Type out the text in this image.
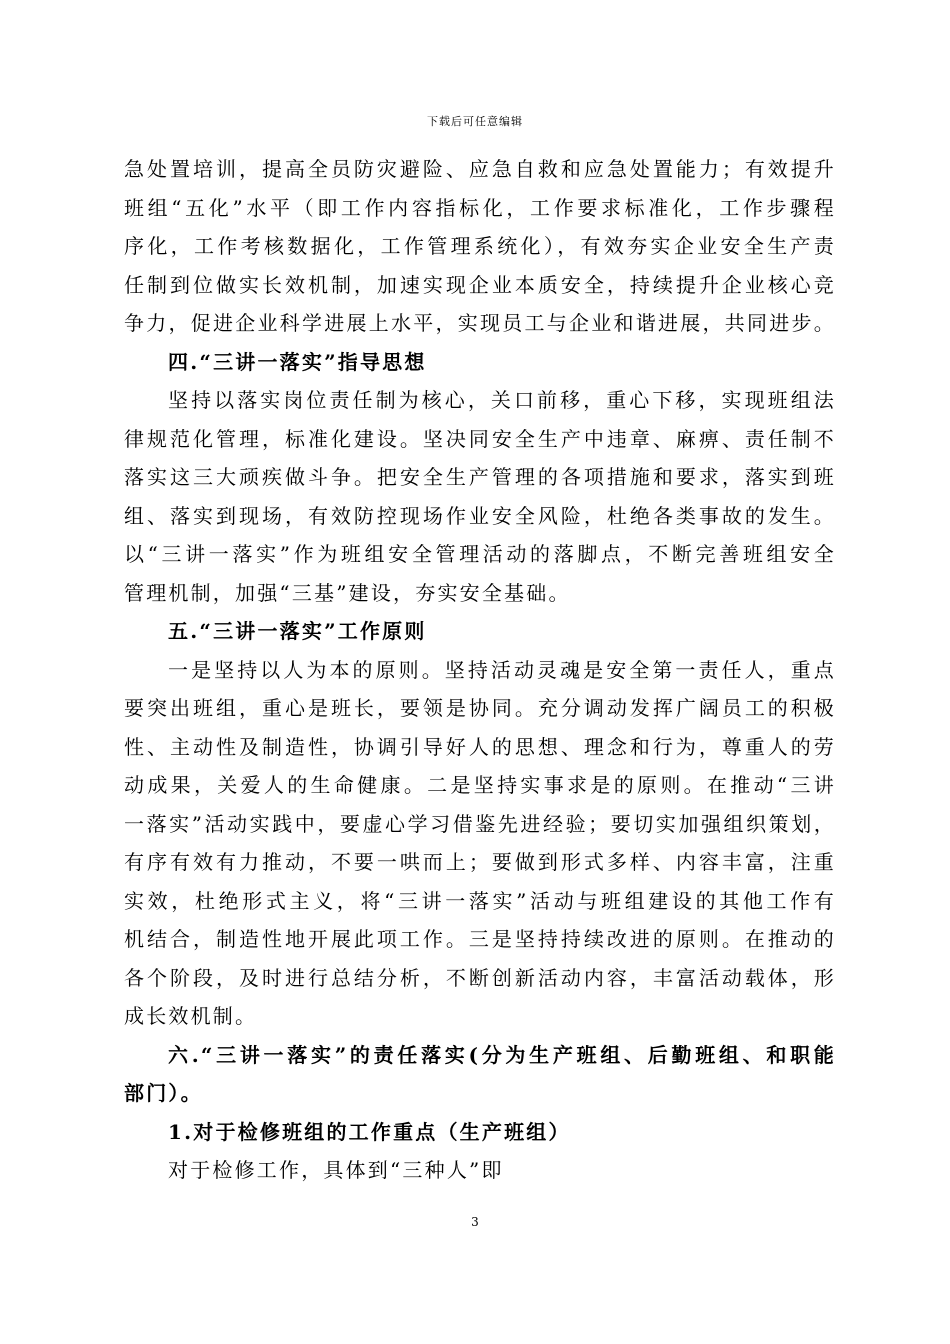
下载后可任意编辑
急处置培训，提高全员防灾避险、应急自救和应急处置能力；有效提升
班组“五化”水平（即工作内容指标化，工作要求标准化，工作步骤程
序化，工作考核数据化，工作管理系统化），有效夯实企业安全生产责
任制到位做实长效机制，加速实现企业本质安全，持续提升企业核心竞
争力，促进企业科学进展上水平，实现员工与企业和谐进展，共同进步。
四.“三讲一落实”指导思想
坚持以落实岗位责任制为核心，关口前移，重心下移，实现班组法
律规范化管理，标准化建设。坚决同安全生产中违章、麻痹、责任制不
落实这三大顽疾做斗争。把安全生产管理的各项措施和要求，落实到班
组、落实到现场，有效防控现场作业安全风险，杜绝各类事故的发生。
以“三讲一落实”作为班组安全管理活动的落脚点，不断完善班组安全
管理机制，加强“三基”建设，夯实安全基础。
五.“三讲一落实”工作原则
一是坚持以人为本的原则。坚持活动灵魂是安全第一责任人，重点
要突出班组，重心是班长，要领是协同。充分调动发挥广阔员工的积极
性、主动性及制造性，协调引导好人的思想、理念和行为，尊重人的劳
动成果，关爱人的生命健康。二是坚持实事求是的原则。在推动“三讲
一落实”活动实践中，要虚心学习借鉴先进经验；要切实加强组织策划，
有序有效有力推动，不要一哄而上；要做到形式多样、内容丰富，注重
实效，杜绝形式主义，将“三讲一落实”活动与班组建设的其他工作有
机结合，制造性地开展此项工作。三是坚持持续改进的原则。在推动的
各个阶段，及时进行总结分析，不断创新活动内容，丰富活动载体，形
成长效机制。
六.“三讲一落实”的责任落实(分为生产班组、后勤班组、和职能
部门）。
1.对于检修班组的工作重点（生产班组）
对于检修工作，具体到“三种人”即
3
